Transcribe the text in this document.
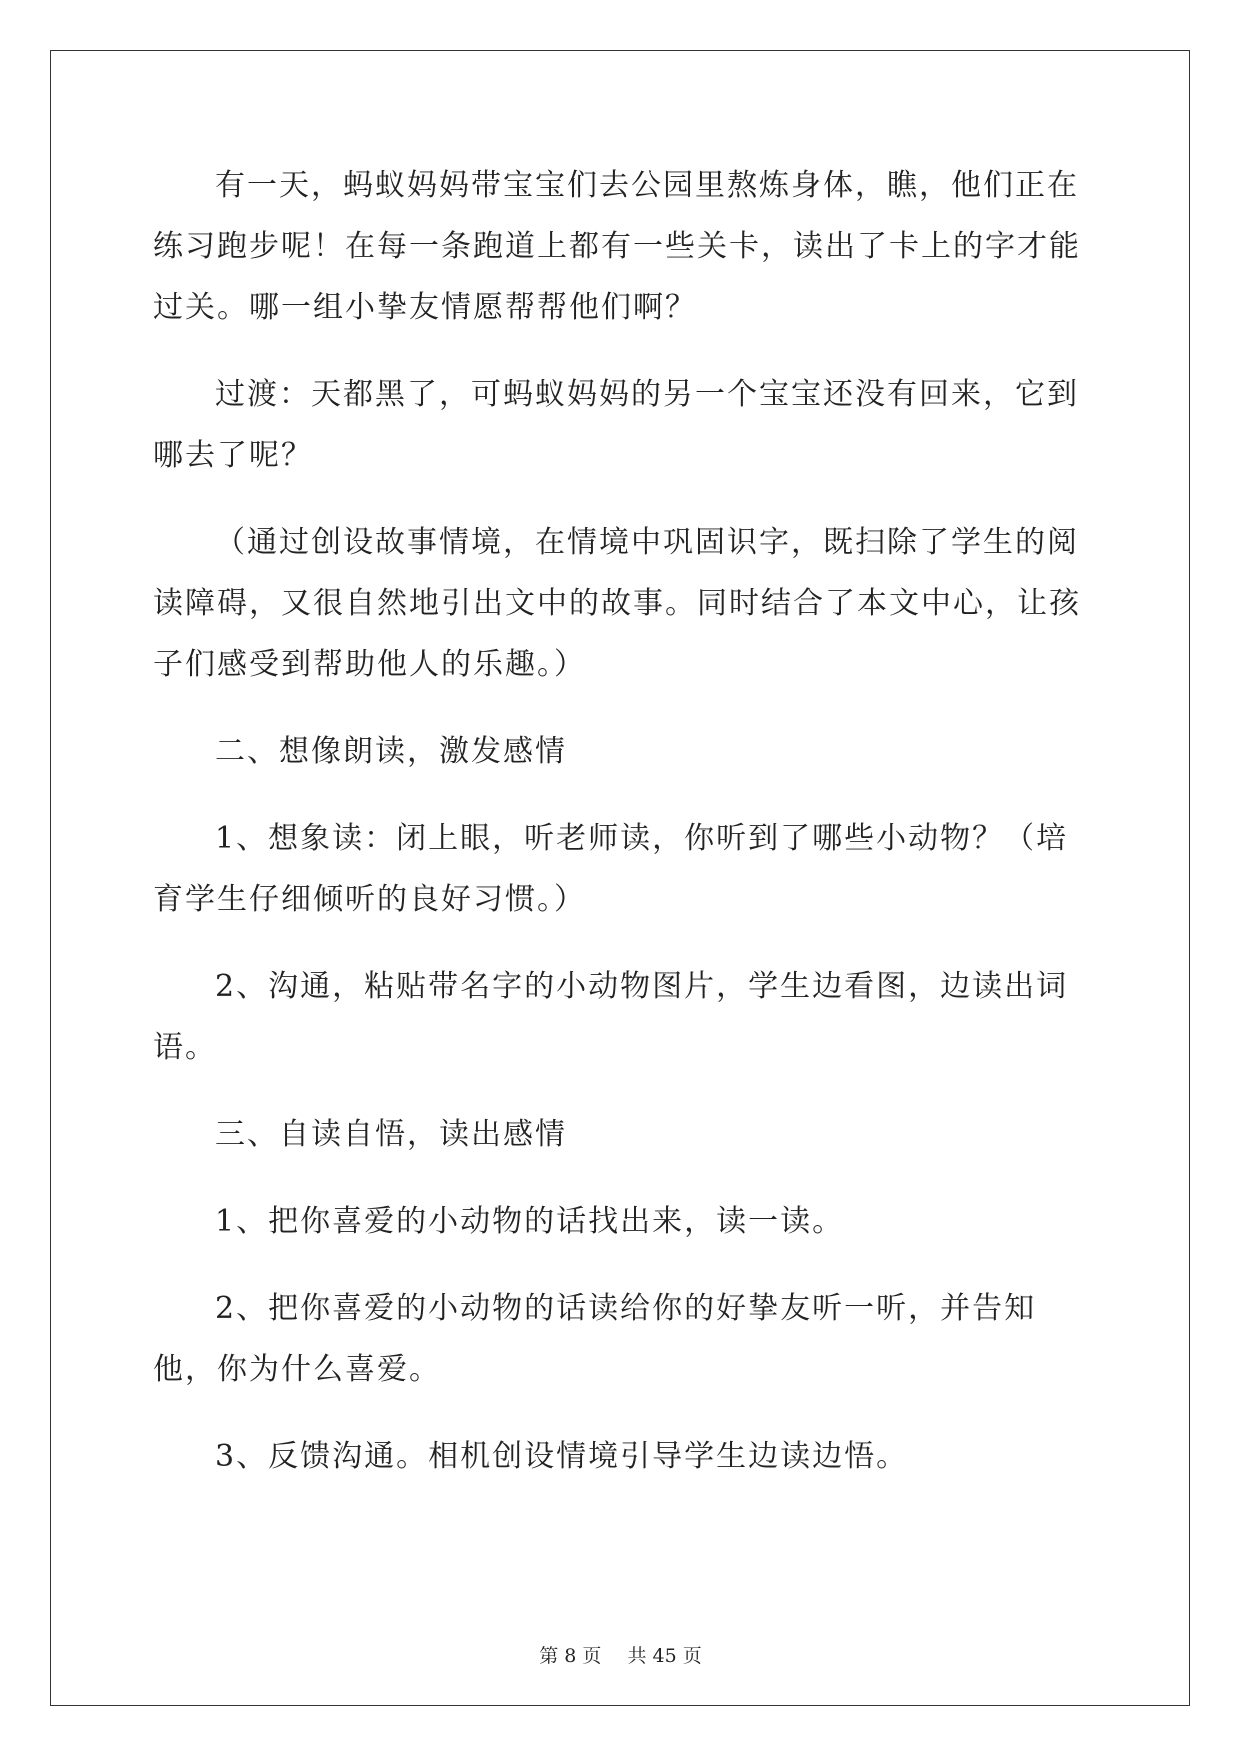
有一天，蚂蚁妈妈带宝宝们去公园里熬炼身体，瞧，他们正在练习跑步呢！在每一条跑道上都有一些关卡，读出了卡上的字才能过关。哪一组小挚友情愿帮帮他们啊？

过渡：天都黑了，可蚂蚁妈妈的另一个宝宝还没有回来，它到哪去了呢？

（通过创设故事情境，在情境中巩固识字，既扫除了学生的阅读障碍，又很自然地引出文中的故事。同时结合了本文中心，让孩子们感受到帮助他人的乐趣。）

二、想像朗读，激发感情

1、想象读：闭上眼，听老师读，你听到了哪些小动物？（培育学生仔细倾听的良好习惯。）

2、沟通，粘贴带名字的小动物图片，学生边看图，边读出词语。

三、自读自悟，读出感情

1、把你喜爱的小动物的话找出来，读一读。

2、把你喜爱的小动物的话读给你的好挚友听一听，并告知他，你为什么喜爱。

3、反馈沟通。相机创设情境引导学生边读边悟。

第 8 页 共 45 页
